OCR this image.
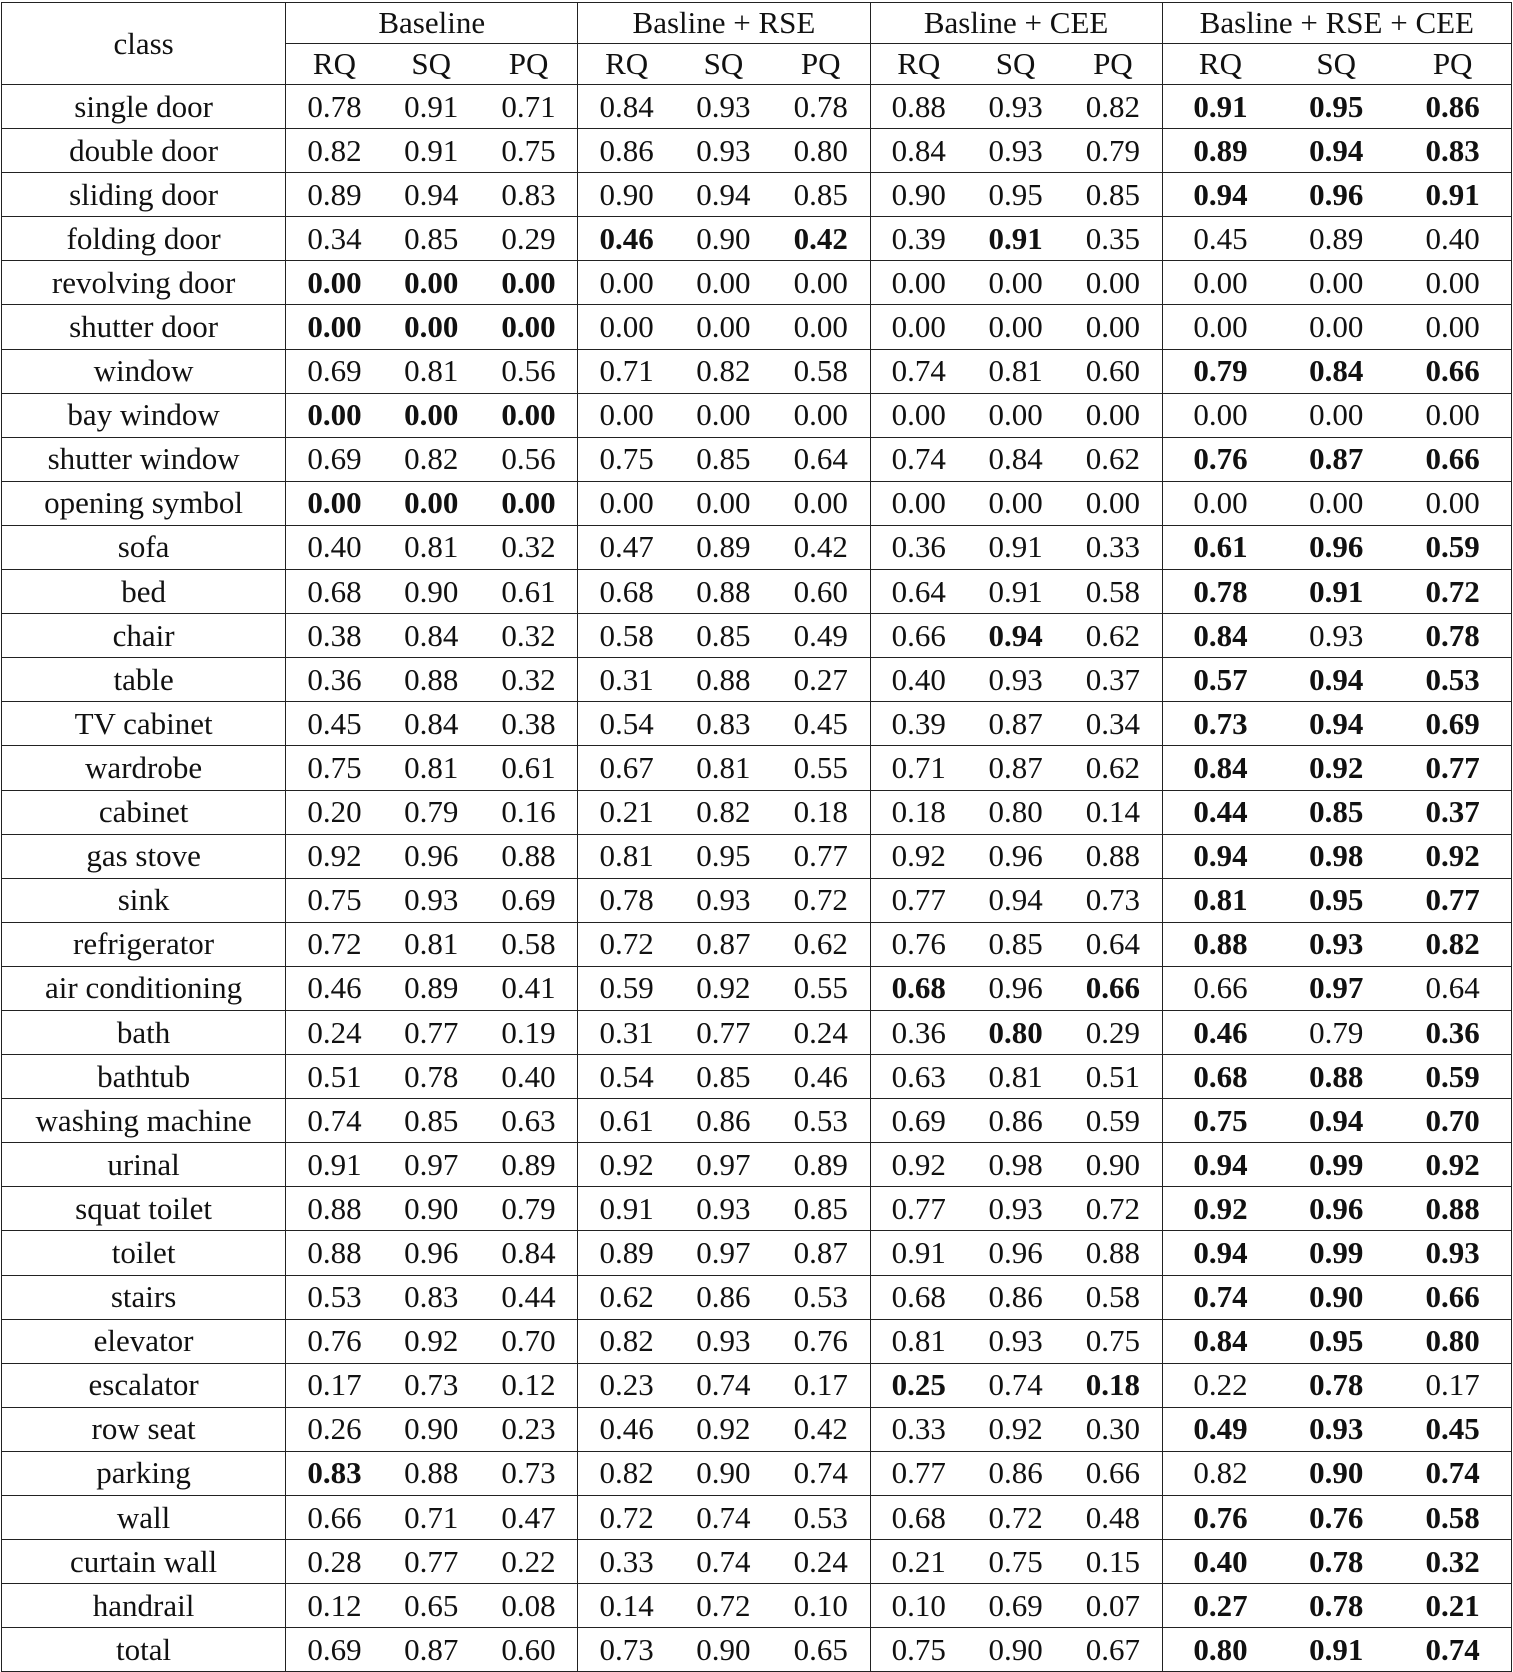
class	Baseline			Basline + RSE			Basline + CEE			Basline + RSE + CEE		
	RQ	SQ	PQ	RQ	SQ	PQ	RQ	SQ	PQ	RQ	SQ	PQ
single door	0.78	0.91	0.71	0.84	0.93	0.78	0.88	0.93	0.82	0.91	0.95	0.86
double door	0.82	0.91	0.75	0.86	0.93	0.80	0.84	0.93	0.79	0.89	0.94	0.83
sliding door	0.89	0.94	0.83	0.90	0.94	0.85	0.90	0.95	0.85	0.94	0.96	0.91
folding door	0.34	0.85	0.29	0.46	0.90	0.42	0.39	0.91	0.35	0.45	0.89	0.40
revolving door	0.00	0.00	0.00	0.00	0.00	0.00	0.00	0.00	0.00	0.00	0.00	0.00
shutter door	0.00	0.00	0.00	0.00	0.00	0.00	0.00	0.00	0.00	0.00	0.00	0.00
window	0.69	0.81	0.56	0.71	0.82	0.58	0.74	0.81	0.60	0.79	0.84	0.66
bay window	0.00	0.00	0.00	0.00	0.00	0.00	0.00	0.00	0.00	0.00	0.00	0.00
shutter window	0.69	0.82	0.56	0.75	0.85	0.64	0.74	0.84	0.62	0.76	0.87	0.66
opening symbol	0.00	0.00	0.00	0.00	0.00	0.00	0.00	0.00	0.00	0.00	0.00	0.00
sofa	0.40	0.81	0.32	0.47	0.89	0.42	0.36	0.91	0.33	0.61	0.96	0.59
bed	0.68	0.90	0.61	0.68	0.88	0.60	0.64	0.91	0.58	0.78	0.91	0.72
chair	0.38	0.84	0.32	0.58	0.85	0.49	0.66	0.94	0.62	0.84	0.93	0.78
table	0.36	0.88	0.32	0.31	0.88	0.27	0.40	0.93	0.37	0.57	0.94	0.53
TV cabinet	0.45	0.84	0.38	0.54	0.83	0.45	0.39	0.87	0.34	0.73	0.94	0.69
wardrobe	0.75	0.81	0.61	0.67	0.81	0.55	0.71	0.87	0.62	0.84	0.92	0.77
cabinet	0.20	0.79	0.16	0.21	0.82	0.18	0.18	0.80	0.14	0.44	0.85	0.37
gas stove	0.92	0.96	0.88	0.81	0.95	0.77	0.92	0.96	0.88	0.94	0.98	0.92
sink	0.75	0.93	0.69	0.78	0.93	0.72	0.77	0.94	0.73	0.81	0.95	0.77
refrigerator	0.72	0.81	0.58	0.72	0.87	0.62	0.76	0.85	0.64	0.88	0.93	0.82
air conditioning	0.46	0.89	0.41	0.59	0.92	0.55	0.68	0.96	0.66	0.66	0.97	0.64
bath	0.24	0.77	0.19	0.31	0.77	0.24	0.36	0.80	0.29	0.46	0.79	0.36
bathtub	0.51	0.78	0.40	0.54	0.85	0.46	0.63	0.81	0.51	0.68	0.88	0.59
washing machine	0.74	0.85	0.63	0.61	0.86	0.53	0.69	0.86	0.59	0.75	0.94	0.70
urinal	0.91	0.97	0.89	0.92	0.97	0.89	0.92	0.98	0.90	0.94	0.99	0.92
squat toilet	0.88	0.90	0.79	0.91	0.93	0.85	0.77	0.93	0.72	0.92	0.96	0.88
toilet	0.88	0.96	0.84	0.89	0.97	0.87	0.91	0.96	0.88	0.94	0.99	0.93
stairs	0.53	0.83	0.44	0.62	0.86	0.53	0.68	0.86	0.58	0.74	0.90	0.66
elevator	0.76	0.92	0.70	0.82	0.93	0.76	0.81	0.93	0.75	0.84	0.95	0.80
escalator	0.17	0.73	0.12	0.23	0.74	0.17	0.25	0.74	0.18	0.22	0.78	0.17
row seat	0.26	0.90	0.23	0.46	0.92	0.42	0.33	0.92	0.30	0.49	0.93	0.45
parking	0.83	0.88	0.73	0.82	0.90	0.74	0.77	0.86	0.66	0.82	0.90	0.74
wall	0.66	0.71	0.47	0.72	0.74	0.53	0.68	0.72	0.48	0.76	0.76	0.58
curtain wall	0.28	0.77	0.22	0.33	0.74	0.24	0.21	0.75	0.15	0.40	0.78	0.32
handrail	0.12	0.65	0.08	0.14	0.72	0.10	0.10	0.69	0.07	0.27	0.78	0.21
total	0.69	0.87	0.60	0.73	0.90	0.65	0.75	0.90	0.67	0.80	0.91	0.74
